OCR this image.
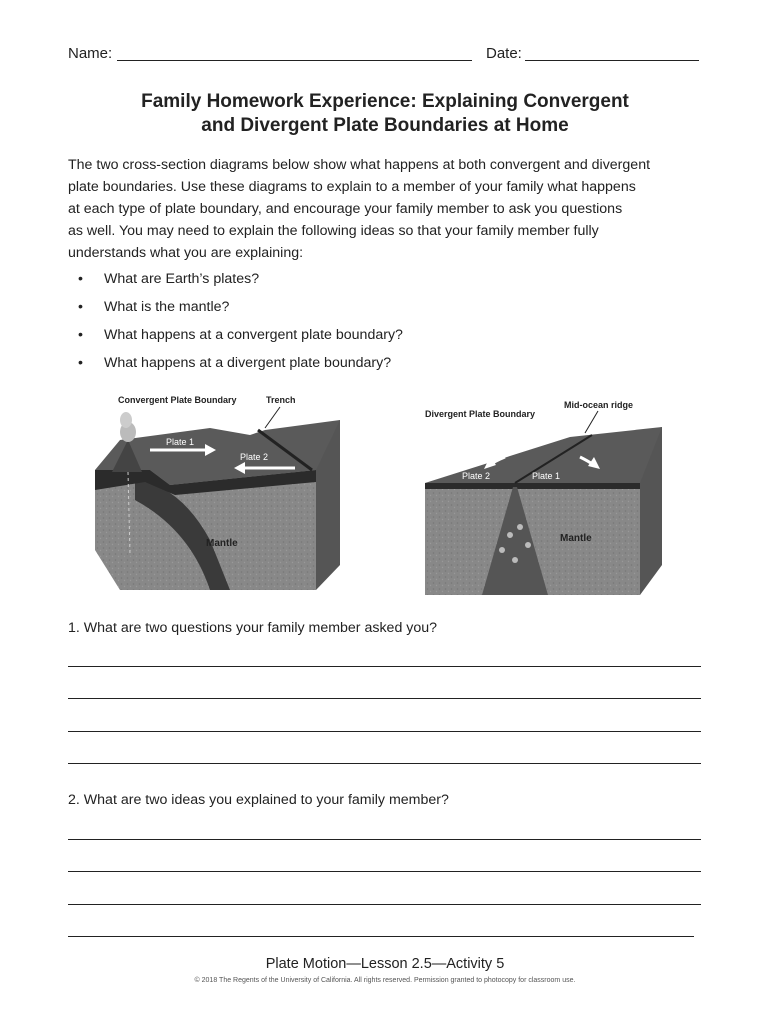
Name:	Date:
Family Homework Experience: Explaining Convergent
and Divergent Plate Boundaries at Home

The two cross-section diagrams below show what happens at both convergent and divergent

plate boundaries. Use these diagrams to explain to a member of your family what happens

at each type of plate boundary, and encourage your family member to ask you questions

as well. You may need to explain the following ideas so that your family member fully

understands what you are explaining:

• What are Earth’s plates?
• What is the mantle?
• What happens at a convergent plate boundary?
• What happens at a divergent plate boundary?
Convergent Plate Boundary	Trench
Plate 1
Plate 2
Mantle
Divergent Plate Boundary
Mid-ocean ridge
Plate 2	Plate 1
Mantle
1. What are two questions your family member asked you?
2. What are two ideas you explained to your family member?
Plate Motion—Lesson 2.5—Activity 5
© 2018 The Regents of the University of California. All rights reserved. Permission granted to photocopy for classroom use.
